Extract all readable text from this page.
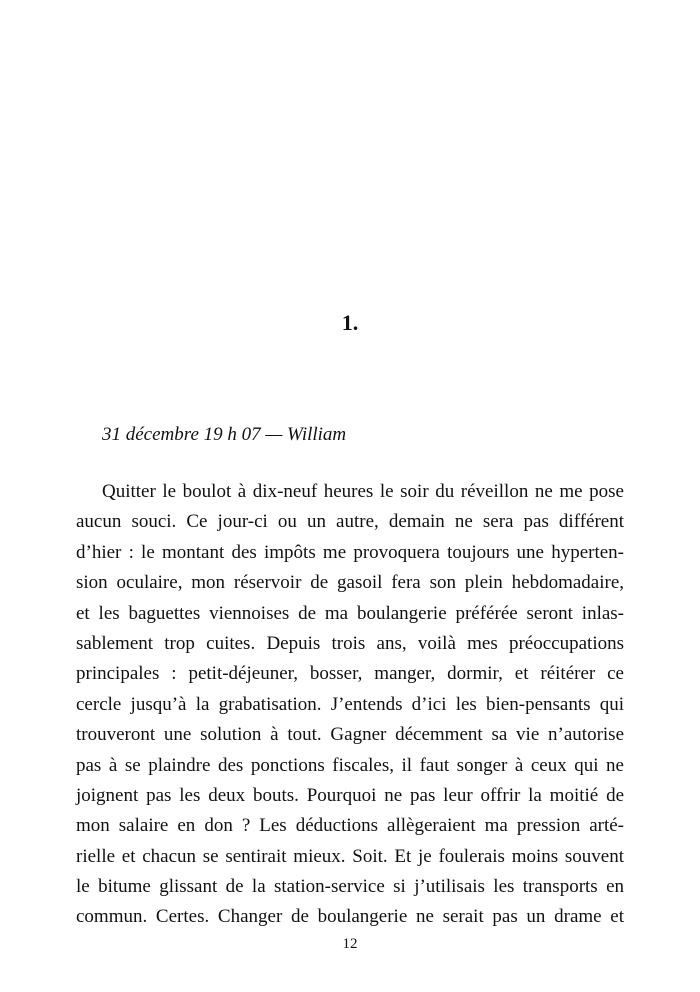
1.
31 décembre 19 h 07 — William
Quitter le boulot à dix-neuf heures le soir du réveillon ne me pose
aucun souci. Ce jour-ci ou un autre, demain ne sera pas différent
d’hier : le montant des impôts me provoquera toujours une hyperten-
sion oculaire, mon réservoir de gasoil fera son plein hebdomadaire,
et les baguettes viennoises de ma boulangerie préférée seront inlas-
sablement trop cuites. Depuis trois ans, voilà mes préoccupations
principales : petit-déjeuner, bosser, manger, dormir, et réitérer ce
cercle jusqu’à la grabatisation. J’entends d’ici les bien-pensants qui
trouveront une solution à tout. Gagner décemment sa vie n’autorise
pas à se plaindre des ponctions fiscales, il faut songer à ceux qui ne
joignent pas les deux bouts. Pourquoi ne pas leur offrir la moitié de
mon salaire en don ? Les déductions allègeraient ma pression arté-
rielle et chacun se sentirait mieux. Soit. Et je foulerais moins souvent
le bitume glissant de la station-service si j’utilisais les transports en
commun. Certes. Changer de boulangerie ne serait pas un drame et
12
